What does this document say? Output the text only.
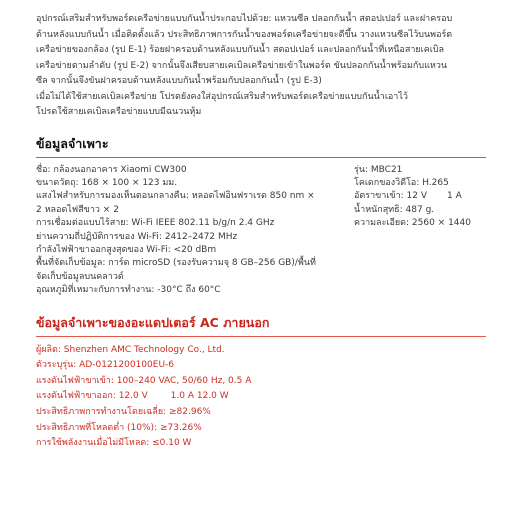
อุปกรณ์เสริมสำหรับพอร์ตเครือข่ายแบบกันน้ำประกอบไปด้วย: แหวนซีล ปลอกกันน้ำ สตอปเปอร์ และฝาครอบ

ด้านหลังแบบกันน้ำ เมื่อติดตั้งแล้ว ประสิทธิภาพการกันน้ำของพอร์ตเครือข่ายจะดีขึ้น วางแหวนซีลไว้บนพอร์ต

เครือข่ายของกล้อง (รูป E-1) ร้อยฝาครอบด้านหลังแบบกันน้ำ สตอปเปอร์ และปลอกกันน้ำที่เหนือสายเคเบิล

เครือข่ายตามลำดับ (รูป E-2) จากนั้นจึงเสียบสายเคเบิลเครือข่ายเข้าในพอร์ต ขันปลอกกันน้ำพร้อมกับแหวน

ซีล จากนั้นจึงขันฝาครอบด้านหลังแบบกันน้ำพร้อมกับปลอกกันน้ำ (รูป E-3)

เมื่อไม่ได้ใช้สายเคเบิลเครือข่าย โปรดยังคงใส่อุปกรณ์เสริมสำหรับพอร์ตเครือข่ายแบบกันน้ำเอาไว้

โปรดใช้สายเคเบิลเครือข่ายแบบมีฉนวนหุ้ม

ข้อมูลจำเพาะ

ชื่อ: กล้องนอกอาคาร Xiaomi CW300

ขนาดวัตถุ: 168 × 100 × 123 มม.

แสงไฟสำหรับการมองเห็นตอนกลางคืน: หลอดไฟอินฟราเรด 850 nm ×

2 หลอดไฟสีขาว × 2

การเชื่อมต่อแบบไร้สาย: Wi-Fi IEEE 802.11 b/g/n 2.4 GHz

ย่านความถี่ปฏิบัติการของ Wi-Fi: 2412–2472 MHz

กำลังไฟฟ้าขาออกสูงสุดของ Wi-Fi: <20 dBm

พื้นที่จัดเก็บข้อมูล: การ์ด microSD (รองรับความจุ 8 GB–256 GB)/พื้นที่

จัดเก็บข้อมูลบนคลาวด์

อุณหภูมิที่เหมาะกับการทำงาน: -30°C ถึง 60°C

รุ่น: MBC21

โคเดกของวิดีโอ: H.265

อัตราขาเข้า: 12 V       1 A

น้ำหนักสุทธิ: 487 g.

ความละเอียด: 2560 × 1440

ข้อมูลจำเพาะของอะแดปเตอร์ AC ภายนอก

ผู้ผลิต: Shenzhen AMC Technology Co., Ltd.

ตัวระบุรุ่น: AD-0121200100EU-6

แรงดันไฟฟ้าขาเข้า: 100–240 VAC, 50/60 Hz, 0.5 A

แรงดันไฟฟ้าขาออก: 12.0 V        1.0 A 12.0 W

ประสิทธิภาพการทำงานโดยเฉลี่ย: ≥82.96%

ประสิทธิภาพที่โหลดต่ำ (10%): ≥73.26%

การใช้พลังงานเมื่อไม่มีโหลด: ≤0.10 W
